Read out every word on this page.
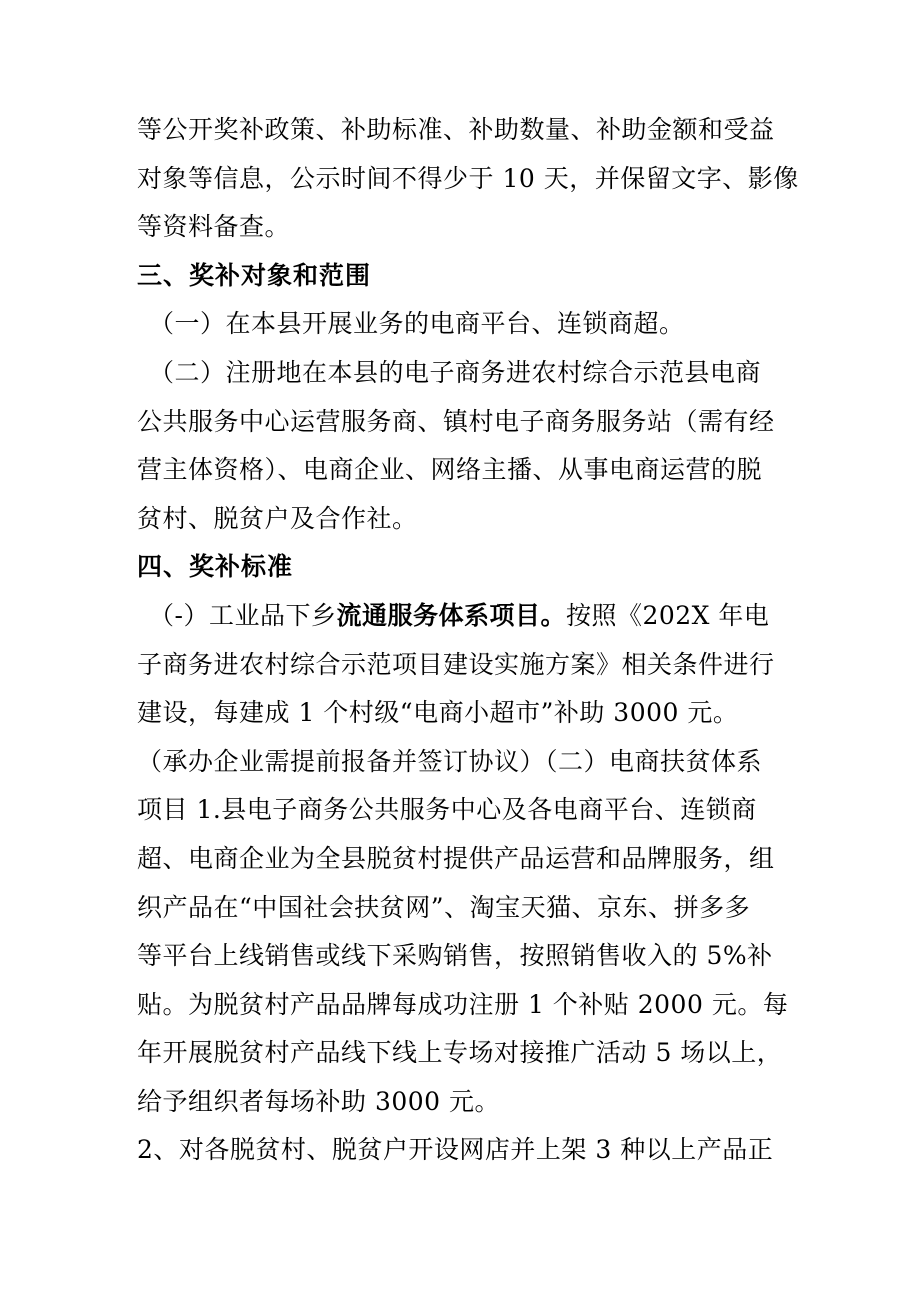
等公开奖补政策、补助标准、补助数量、补助金额和受益
对象等信息，公示时间不得少于 10 天，并保留文字、影像
等资料备查。
三、奖补对象和范围
（一）在本县开展业务的电商平台、连锁商超。
（二）注册地在本县的电子商务进农村综合示范县电商
公共服务中心运营服务商、镇村电子商务服务站（需有经
营主体资格）、电商企业、网络主播、从事电商运营的脱
贫村、脱贫户及合作社。
四、奖补标准
（-）工业品下乡流通服务体系项目。按照《202X 年电
子商务进农村综合示范项目建设实施方案》相关条件进行
建设，每建成 1 个村级“电商小超市”补助 3000 元。
（承办企业需提前报备并签订协议）（二）电商扶贫体系
项目 1.县电子商务公共服务中心及各电商平台、连锁商
超、电商企业为全县脱贫村提供产品运营和品牌服务，组
织产品在“中国社会扶贫网”、淘宝天猫、京东、拼多多
等平台上线销售或线下采购销售，按照销售收入的 5%补
贴。为脱贫村产品品牌每成功注册 1 个补贴 2000 元。每
年开展脱贫村产品线下线上专场对接推广活动 5 场以上，
给予组织者每场补助 3000 元。
2、对各脱贫村、脱贫户开设网店并上架 3 种以上产品正
